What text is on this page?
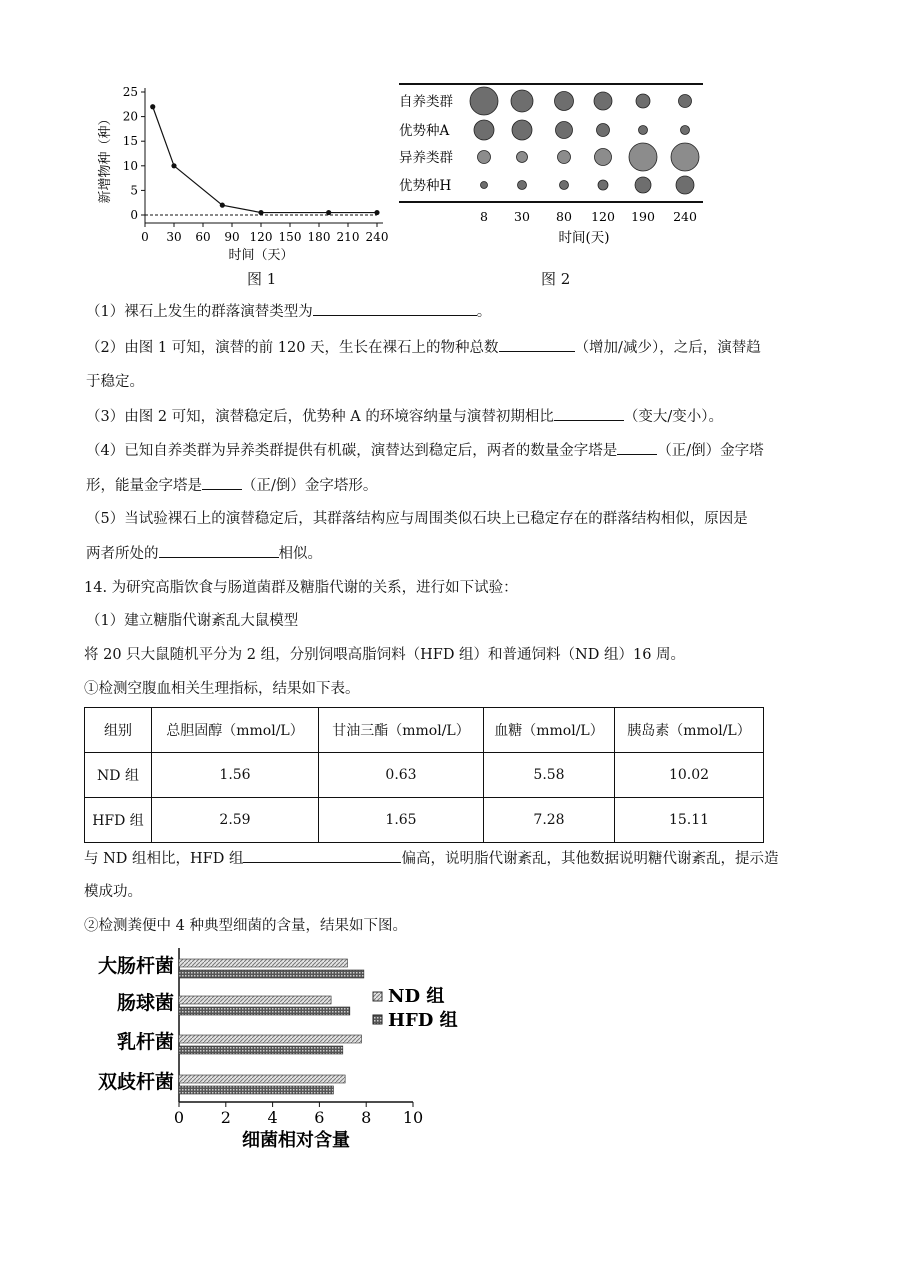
25
20
15
10
5
0
0 30 60 90 120 150 180 210 240
时间（天）
新增物种（种）
自养类群
优势种A
异养类群
优势种H
8 30 80 120 190 240
时间(天)
（1）裸石上发生的群落演替类型为	。
（2）由图 1 可知，演替的前 120 天，生长在裸石上的物种总数	（增加/减少），之后，演替趋
于稳定。
（3）由图 2 可知，演替稳定后，优势种 A 的环境容纳量与演替初期相比	（变大/变小）。
（4）已知自养类群为异养类群提供有机碳，演替达到稳定后，两者的数量金字塔是	（正/倒）金字塔
形，能量金字塔是	（正/倒）金字塔形。
（5）当试验裸石上的演替稳定后，其群落结构应与周围类似石块上已稳定存在的群落结构相似，原因是
两者所处的	相似。
14. 为研究高脂饮食与肠道菌群及糖脂代谢的关系，进行如下试验：
（1）建立糖脂代谢紊乱大鼠模型
将 20 只大鼠随机平分为 2 组，分别饲喂高脂饲料（HFD 组）和普通饲料（ND 组）16 周。
①检测空腹血相关生理指标，结果如下表。
组别	总胆固醇（mmol/L）	甘油三酯（mmol/L）	血糖（mmol/L）	胰岛素（mmol/L）
ND 组	1.56	0.63	5.58	10.02
HFD 组	2.59	1.65	7.28	15.11
与 ND 组相比，HFD 组	偏高，说明脂代谢紊乱，其他数据说明糖代谢紊乱，提示造
模成功。
②检测粪便中 4 种典型细菌的含量，结果如下图。
大肠杆菌
肠球菌
乳杆菌
双歧杆菌
0 2 4 6 8 10
细菌相对含量
ND 组
HFD 组
图 1	图 2
